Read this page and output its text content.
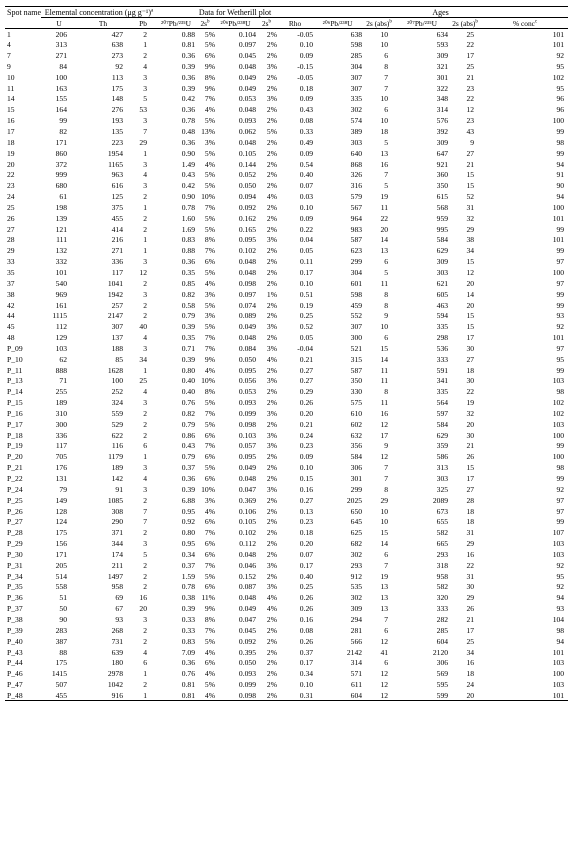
Spot name	Elemental concentration (μg g⁻¹)$^a$			Data for Wetherill plot					Ages				
	U	Th	Pb	²⁰⁷Pb/²³⁵U	$2s^b$	²⁰⁶Pb/²³⁸U	$2s^b$	Rho	²⁰⁶Pb/²³⁸U	2s (abs)$^b$	²⁰⁷Pb/²³⁵U	2s (abs)$^b$	% conc$^c$
1	206	427	2	0.88	5%	0.104	2%	-0.05	638	10	634	25	101
4	313	638	1	0.81	5%	0.097	2%	0.10	598	10	593	22	101
7	271	273	2	0.36	6%	0.045	2%	0.09	285	6	309	17	92
9	84	92	4	0.39	9%	0.048	3%	-0.15	304	8	321	25	95
10	100	113	3	0.36	8%	0.049	2%	-0.05	307	7	301	21	102
11	163	175	3	0.39	9%	0.049	2%	0.18	307	7	322	23	95
14	155	148	5	0.42	7%	0.053	3%	0.09	335	10	348	22	96
15	164	276	53	0.36	4%	0.048	2%	0.43	302	6	314	12	96
16	99	193	3	0.78	5%	0.093	2%	0.08	574	10	576	23	100
17	82	135	7	0.48	13%	0.062	5%	0.33	389	18	392	43	99
18	171	223	29	0.36	3%	0.048	2%	0.49	303	5	309	9	98
19	860	1954	1	0.90	5%	0.105	2%	0.09	640	13	647	27	99
20	372	1165	3	1.49	4%	0.144	2%	0.54	868	16	921	21	94
22	999	963	4	0.43	5%	0.052	2%	0.40	326	7	360	15	91
23	680	616	3	0.42	5%	0.050	2%	0.07	316	5	350	15	90
24	61	125	2	0.90	10%	0.094	4%	0.03	579	19	615	52	94
25	198	375	1	0.78	7%	0.092	2%	0.10	567	11	568	31	100
26	139	455	2	1.60	5%	0.162	2%	0.09	964	22	959	32	101
27	121	414	2	1.69	5%	0.165	2%	0.22	983	20	995	29	99
28	111	216	1	0.83	8%	0.095	3%	0.04	587	14	584	38	101
29	132	271	1	0.88	7%	0.102	2%	0.05	623	13	629	34	99
33	332	336	3	0.36	6%	0.048	2%	0.11	299	6	309	15	97
35	101	117	12	0.35	5%	0.048	2%	0.17	304	5	303	12	100
37	540	1041	2	0.85	4%	0.098	2%	0.10	601	11	621	20	97
38	969	1942	3	0.82	3%	0.097	1%	0.51	598	8	605	14	99
42	161	257	2	0.58	5%	0.074	2%	0.19	459	8	463	20	99
44	1115	2147	2	0.79	3%	0.089	2%	0.25	552	9	594	15	93
45	112	307	40	0.39	5%	0.049	3%	0.52	307	10	335	15	92
48	129	137	4	0.35	7%	0.048	2%	0.05	300	6	298	17	101
P_09	103	188	3	0.71	7%	0.084	3%	-0.04	521	15	536	30	97
P_10	62	85	34	0.39	9%	0.050	4%	0.21	315	14	333	27	95
P_11	888	1628	1	0.80	4%	0.095	2%	0.27	587	11	591	18	99
P_13	71	100	25	0.40	10%	0.056	3%	0.27	350	11	341	30	103
P_14	255	252	4	0.40	8%	0.053	2%	0.29	330	8	335	22	98
P_15	189	324	3	0.76	5%	0.093	2%	0.26	575	11	564	19	102
P_16	310	559	2	0.82	7%	0.099	3%	0.20	610	16	597	32	102
P_17	300	529	2	0.79	5%	0.098	2%	0.21	602	12	584	20	103
P_18	336	622	2	0.86	6%	0.103	3%	0.24	632	17	629	30	100
P_19	117	116	6	0.43	7%	0.057	3%	0.23	356	9	359	21	99
P_20	705	1179	1	0.79	6%	0.095	2%	0.09	584	12	586	26	100
P_21	176	189	3	0.37	5%	0.049	2%	0.10	306	7	313	15	98
P_22	131	142	4	0.36	6%	0.048	2%	0.15	301	7	303	17	99
P_24	79	91	3	0.39	10%	0.047	3%	0.16	299	8	325	27	92
P_25	149	1085	2	6.88	3%	0.369	2%	0.27	2025	29	2089	28	97
P_26	128	308	7	0.95	4%	0.106	2%	0.13	650	10	673	18	97
P_27	124	290	7	0.92	6%	0.105	2%	0.23	645	10	655	18	99
P_28	175	371	2	0.80	7%	0.102	2%	0.18	625	15	582	31	107
P_29	156	344	3	0.95	6%	0.112	2%	0.20	682	14	665	29	103
P_30	171	174	5	0.34	6%	0.048	2%	0.07	302	6	293	16	103
P_31	205	211	2	0.37	7%	0.046	3%	0.17	293	7	318	22	92
P_34	514	1497	2	1.59	5%	0.152	2%	0.40	912	19	958	31	95
P_35	558	958	2	0.78	6%	0.087	3%	0.25	535	13	582	30	92
P_36	51	69	16	0.38	11%	0.048	4%	0.26	302	13	320	29	94
P_37	50	67	20	0.39	9%	0.049	4%	0.26	309	13	333	26	93
P_38	90	93	3	0.33	8%	0.047	2%	0.16	294	7	282	21	104
P_39	283	268	2	0.33	7%	0.045	2%	0.08	281	6	285	17	98
P_40	387	731	2	0.83	5%	0.092	2%	0.26	566	12	604	25	94
P_43	88	639	4	7.09	4%	0.395	2%	0.37	2142	41	2120	34	101
P_44	175	180	6	0.36	6%	0.050	2%	0.17	314	6	306	16	103
P_46	1415	2978	1	0.76	4%	0.093	2%	0.34	571	12	569	18	100
P_47	507	1042	2	0.81	5%	0.099	2%	0.10	611	12	595	24	103
P_48	455	916	1	0.81	4%	0.098	2%	0.31	604	12	599	20	101
